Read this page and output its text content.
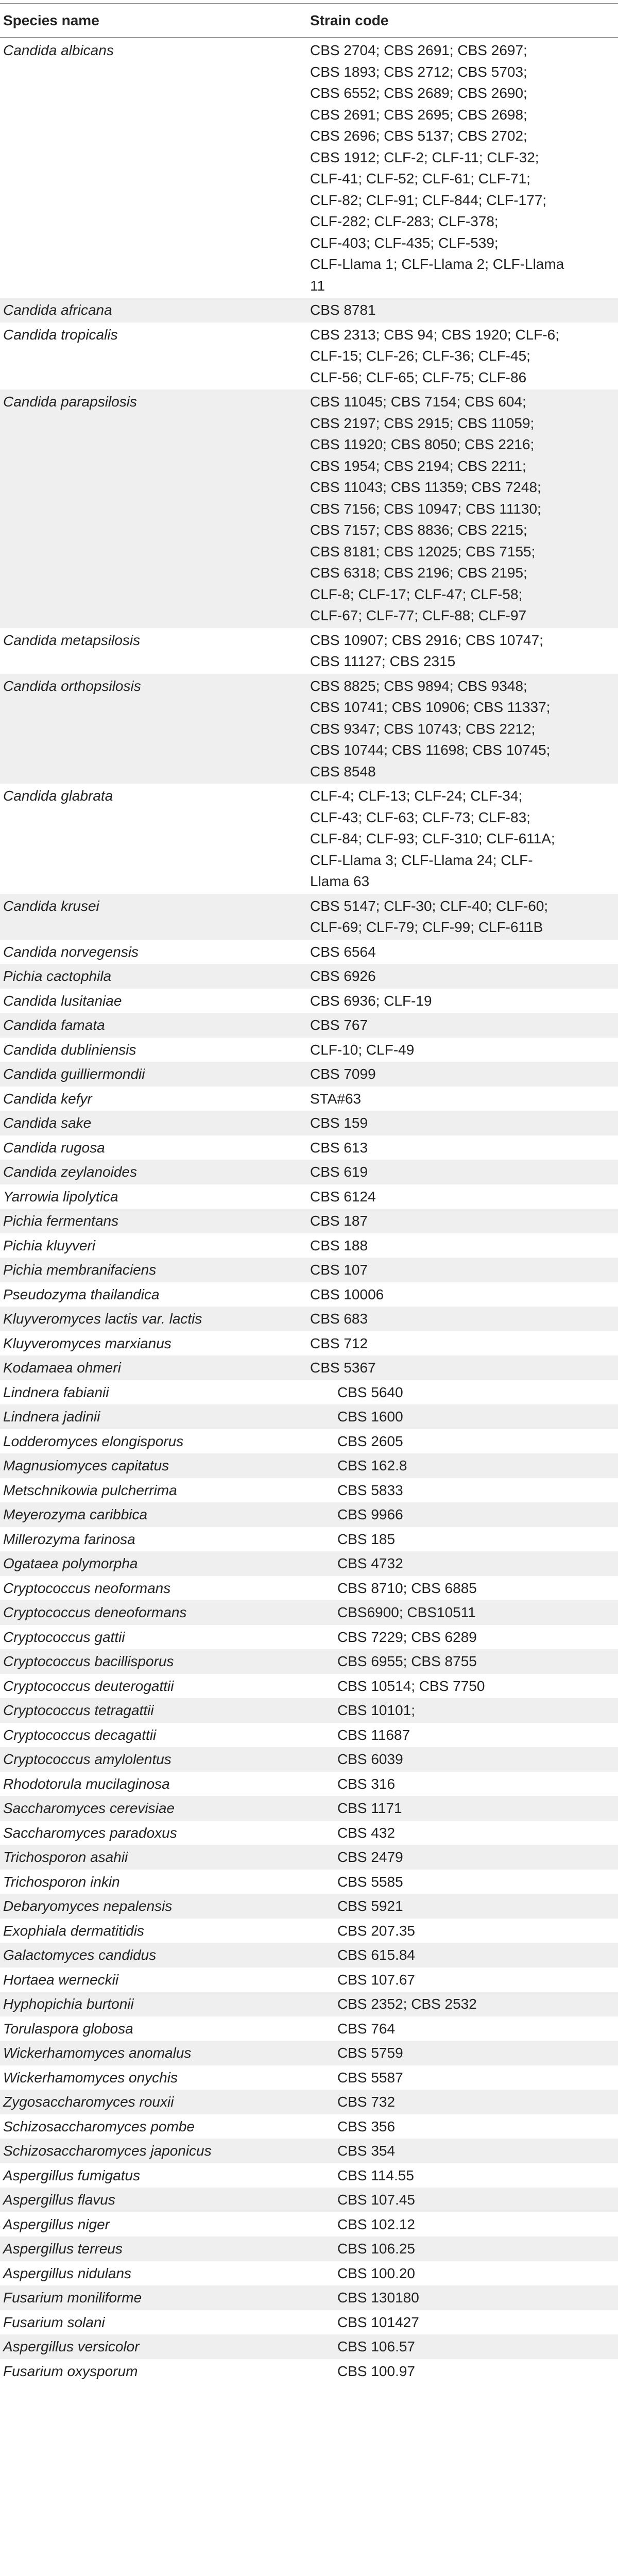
Species name	Strain code
Candida albicans	CBS 2704; CBS 2691; CBS 2697;
CBS 1893; CBS 2712; CBS 5703;
CBS 6552; CBS 2689; CBS 2690;
CBS 2691; CBS 2695; CBS 2698;
CBS 2696; CBS 5137; CBS 2702;
CBS 1912; CLF-2; CLF-11; CLF-32;
CLF-41; CLF-52; CLF-61; CLF-71;
CLF-82; CLF-91; CLF-844; CLF-177;
CLF-282; CLF-283; CLF-378;
CLF-403; CLF-435; CLF-539;
CLF-Llama 1; CLF-Llama 2; CLF-Llama
11
Candida africana	CBS 8781
Candida tropicalis	CBS 2313; CBS 94; CBS 1920; CLF-6;
CLF-15; CLF-26; CLF-36; CLF-45;
CLF-56; CLF-65; CLF-75; CLF-86
Candida parapsilosis	CBS 11045; CBS 7154; CBS 604;
CBS 2197; CBS 2915; CBS 11059;
CBS 11920; CBS 8050; CBS 2216;
CBS 1954; CBS 2194; CBS 2211;
CBS 11043; CBS 11359; CBS 7248;
CBS 7156; CBS 10947; CBS 11130;
CBS 7157; CBS 8836; CBS 2215;
CBS 8181; CBS 12025; CBS 7155;
CBS 6318; CBS 2196; CBS 2195;
CLF-8; CLF-17; CLF-47; CLF-58;
CLF-67; CLF-77; CLF-88; CLF-97
Candida metapsilosis	CBS 10907; CBS 2916; CBS 10747;
CBS 11127; CBS 2315
Candida orthopsilosis	CBS 8825; CBS 9894; CBS 9348;
CBS 10741; CBS 10906; CBS 11337;
CBS 9347; CBS 10743; CBS 2212;
CBS 10744; CBS 11698; CBS 10745;
CBS 8548
Candida glabrata	CLF-4; CLF-13; CLF-24; CLF-34;
CLF-43; CLF-63; CLF-73; CLF-83;
CLF-84; CLF-93; CLF-310; CLF-611A;
CLF-Llama 3; CLF-Llama 24; CLF-
Llama 63
Candida krusei	CBS 5147; CLF-30; CLF-40; CLF-60;
CLF-69; CLF-79; CLF-99; CLF-611B
Candida norvegensis	CBS 6564
Pichia cactophila	CBS 6926
Candida lusitaniae	CBS 6936; CLF-19
Candida famata	CBS 767
Candida dubliniensis	CLF-10; CLF-49
Candida guilliermondii	CBS 7099
Candida kefyr	STA#63
Candida sake	CBS 159
Candida rugosa	CBS 613
Candida zeylanoides	CBS 619
Yarrowia lipolytica	CBS 6124
Pichia fermentans	CBS 187
Pichia kluyveri	CBS 188
Pichia membranifaciens	CBS 107
Pseudozyma thailandica	CBS 10006
Kluyveromyces lactis var. lactis	CBS 683
Kluyveromyces marxianus	CBS 712
Kodamaea ohmeri	CBS 5367
Lindnera fabianii	CBS 5640
Lindnera jadinii	CBS 1600
Lodderomyces elongisporus	CBS 2605
Magnusiomyces capitatus	CBS 162.8
Metschnikowia pulcherrima	CBS 5833
Meyerozyma caribbica	CBS 9966
Millerozyma farinosa	CBS 185
Ogataea polymorpha	CBS 4732
Cryptococcus neoformans	CBS 8710; CBS 6885
Cryptococcus deneoformans	CBS6900; CBS10511
Cryptococcus gattii	CBS 7229; CBS 6289
Cryptococcus bacillisporus	CBS 6955; CBS 8755
Cryptococcus deuterogattii	CBS 10514; CBS 7750
Cryptococcus tetragattii	CBS 10101;
Cryptococcus decagattii	CBS 11687
Cryptococcus amylolentus	CBS 6039
Rhodotorula mucilaginosa	CBS 316
Saccharomyces cerevisiae	CBS 1171
Saccharomyces paradoxus	CBS 432
Trichosporon asahii	CBS 2479
Trichosporon inkin	CBS 5585
Debaryomyces nepalensis	CBS 5921
Exophiala dermatitidis	CBS 207.35
Galactomyces candidus	CBS 615.84
Hortaea werneckii	CBS 107.67
Hyphopichia burtonii	CBS 2352; CBS 2532
Torulaspora globosa	CBS 764
Wickerhamomyces anomalus	CBS 5759
Wickerhamomyces onychis	CBS 5587
Zygosaccharomyces rouxii	CBS 732
Schizosaccharomyces pombe	CBS 356
Schizosaccharomyces japonicus	CBS 354
Aspergillus fumigatus	CBS 114.55
Aspergillus flavus	CBS 107.45
Aspergillus niger	CBS 102.12
Aspergillus terreus	CBS 106.25
Aspergillus nidulans	CBS 100.20
Fusarium moniliforme	CBS 130180
Fusarium solani	CBS 101427
Aspergillus versicolor	CBS 106.57
Fusarium oxysporum	CBS 100.97
